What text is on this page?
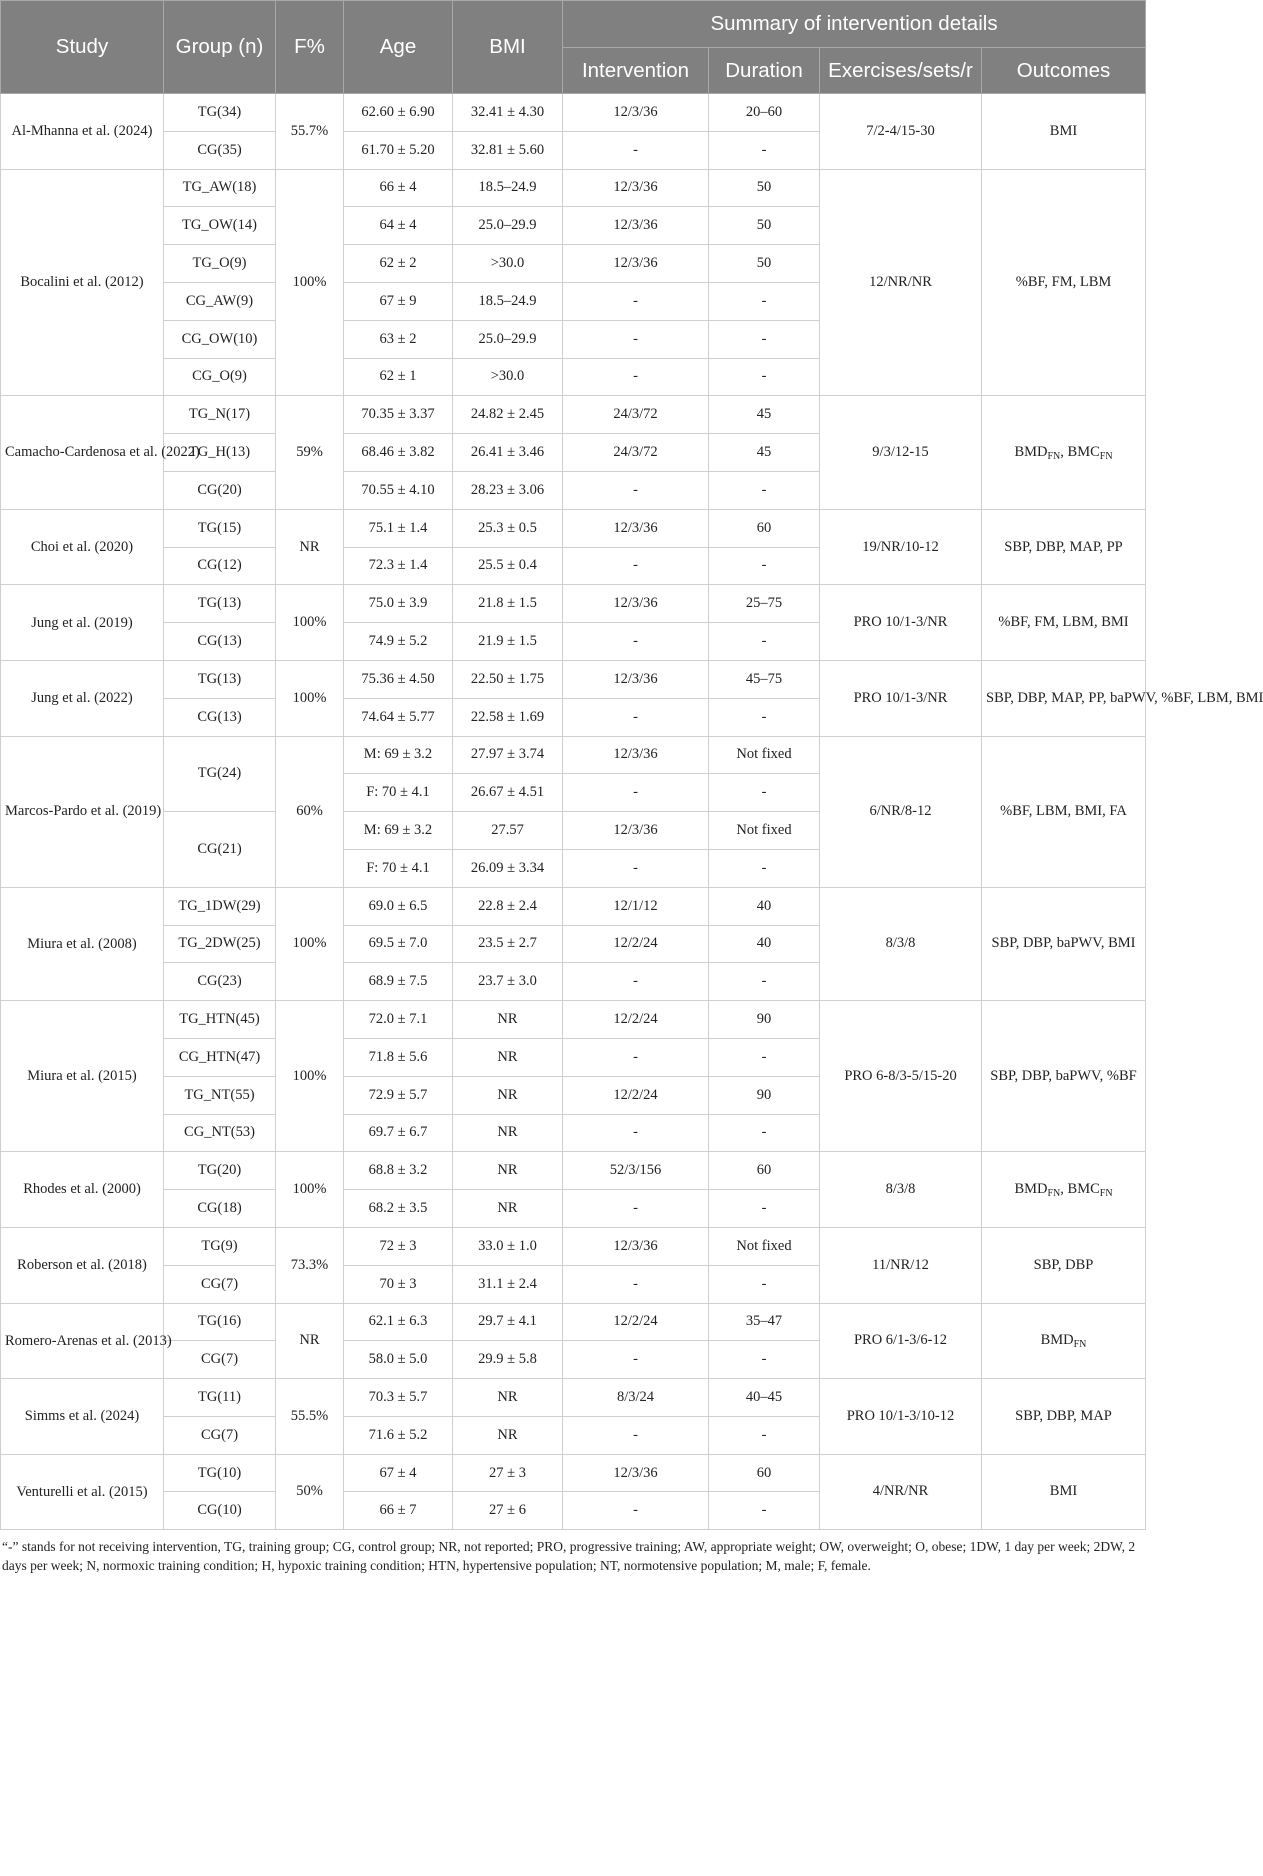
Study	Group (n)	F%	Age	BMI	Summary of intervention details			
					Intervention	Duration	Exercises/sets/r	Outcomes
Al-Mhanna et al. (2024)	TG(34)	55.7%	62.60 ± 6.90	32.41 ± 4.30	12/3/36	20–60	7/2-4/15-30	BMI
	CG(35)		61.70 ± 5.20	32.81 ± 5.60	-	-		
Bocalini et al. (2012)	TG_AW(18)	100%	66 ± 4	18.5–24.9	12/3/36	50	12/NR/NR	%BF, FM, LBM
	TG_OW(14)		64 ± 4	25.0–29.9	12/3/36	50		
	TG_O(9)		62 ± 2	>30.0	12/3/36	50		
	CG_AW(9)		67 ± 9	18.5–24.9	-	-		
	CG_OW(10)		63 ± 2	25.0–29.9	-	-		
	CG_O(9)		62 ± 1	>30.0	-	-		
Camacho-Cardenosa et al. (2022)	TG_N(17)	59%	70.35 ± 3.37	24.82 ± 2.45	24/3/72	45	9/3/12-15	$BMD_{FN}$, $BMC_{FN}$
	TG_H(13)		68.46 ± 3.82	26.41 ± 3.46	24/3/72	45		
	CG(20)		70.55 ± 4.10	28.23 ± 3.06	-	-		
Choi et al. (2020)	TG(15)	NR	75.1 ± 1.4	25.3 ± 0.5	12/3/36	60	19/NR/10-12	SBP, DBP, MAP, PP
	CG(12)		72.3 ± 1.4	25.5 ± 0.4	-	-		
Jung et al. (2019)	TG(13)	100%	75.0 ± 3.9	21.8 ± 1.5	12/3/36	25–75	PRO 10/1-3/NR	%BF, FM, LBM, BMI
	CG(13)		74.9 ± 5.2	21.9 ± 1.5	-	-		
Jung et al. (2022)	TG(13)	100%	75.36 ± 4.50	22.50 ± 1.75	12/3/36	45–75	PRO 10/1-3/NR	SBP, DBP, MAP, PP, baPWV, %BF, LBM, BMI
	CG(13)		74.64 ± 5.77	22.58 ± 1.69	-	-		
Marcos-Pardo et al. (2019)	TG(24)	60%	M: 69 ± 3.2	27.97 ± 3.74	12/3/36	Not fixed	6/NR/8-12	%BF, LBM, BMI, FA
			F: 70 ± 4.1	26.67 ± 4.51	-	-		
	CG(21)		M: 69 ± 3.2	27.57	12/3/36	Not fixed		
			F: 70 ± 4.1	26.09 ± 3.34	-	-		
Miura et al. (2008)	TG_1DW(29)	100%	69.0 ± 6.5	22.8 ± 2.4	12/1/12	40	8/3/8	SBP, DBP, baPWV, BMI
	TG_2DW(25)		69.5 ± 7.0	23.5 ± 2.7	12/2/24	40		
	CG(23)		68.9 ± 7.5	23.7 ± 3.0	-	-		
Miura et al. (2015)	TG_HTN(45)	100%	72.0 ± 7.1	NR	12/2/24	90	PRO 6-8/3-5/15-20	SBP, DBP, baPWV, %BF
	CG_HTN(47)		71.8 ± 5.6	NR	-	-		
	TG_NT(55)		72.9 ± 5.7	NR	12/2/24	90		
	CG_NT(53)		69.7 ± 6.7	NR	-	-		
Rhodes et al. (2000)	TG(20)	100%	68.8 ± 3.2	NR	52/3/156	60	8/3/8	$BMD_{FN}$, $BMC_{FN}$
	CG(18)		68.2 ± 3.5	NR	-	-		
Roberson et al. (2018)	TG(9)	73.3%	72 ± 3	33.0 ± 1.0	12/3/36	Not fixed	11/NR/12	SBP, DBP
	CG(7)		70 ± 3	31.1 ± 2.4	-	-		
Romero-Arenas et al. (2013)	TG(16)	NR	62.1 ± 6.3	29.7 ± 4.1	12/2/24	35–47	PRO 6/1-3/6-12	$BMD_{FN}$
	CG(7)		58.0 ± 5.0	29.9 ± 5.8	-	-		
Simms et al. (2024)	TG(11)	55.5%	70.3 ± 5.7	NR	8/3/24	40–45	PRO 10/1-3/10-12	SBP, DBP, MAP
	CG(7)		71.6 ± 5.2	NR	-	-		
Venturelli et al. (2015)	TG(10)	50%	67 ± 4	27 ± 3	12/3/36	60	4/NR/NR	BMI
	CG(10)		66 ± 7	27 ± 6	-	-		
“-” stands for not receiving intervention, TG, training group; CG, control group; NR, not reported; PRO, progressive training; AW, appropriate weight; OW, overweight; O, obese; 1DW, 1 day per week; 2DW, 2 days per week; N, normoxic training condition; H, hypoxic training condition; HTN, hypertensive population; NT, normotensive population; M, male; F, female.
